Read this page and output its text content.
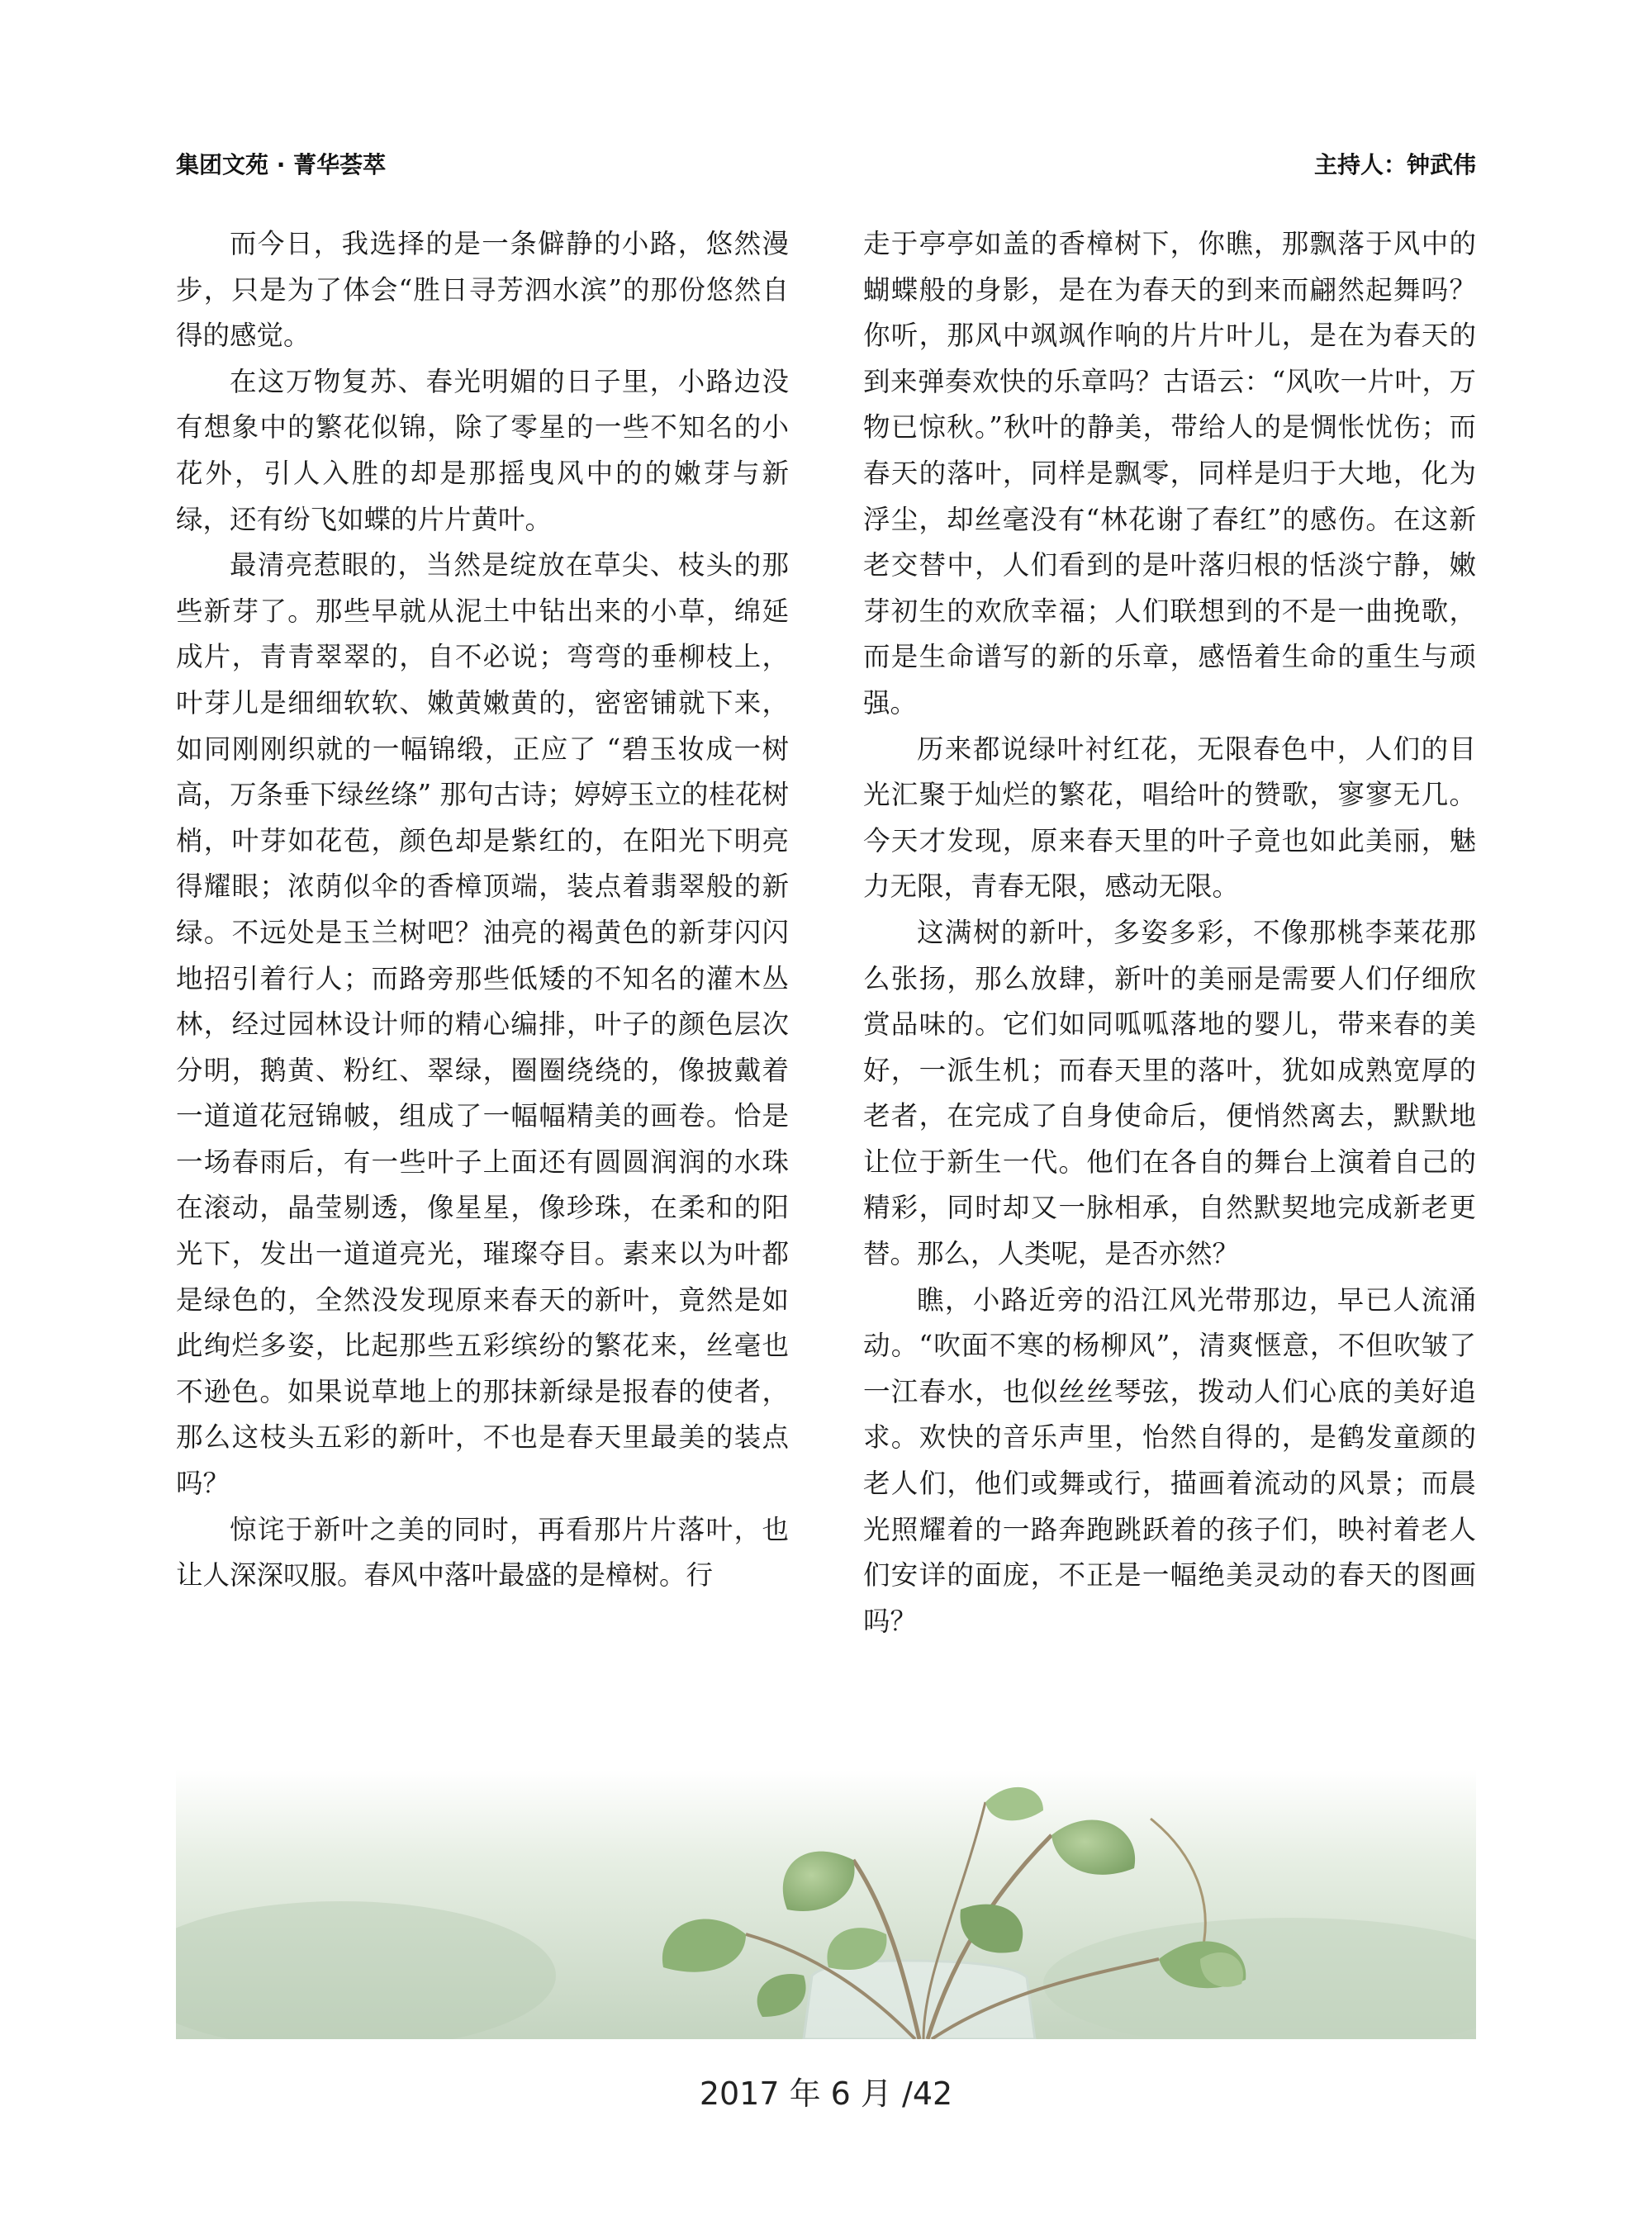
集团文苑 · 菁华荟萃	主持人：钟武伟

而今日，我选择的是一条僻静的小路，悠然漫步，只是为了体会“胜日寻芳泗水滨”的那份悠然自得的感觉。

在这万物复苏、春光明媚的日子里，小路边没有想象中的繁花似锦，除了零星的一些不知名的小花外，引人入胜的却是那摇曳风中的的嫩芽与新绿，还有纷飞如蝶的片片黄叶。

最清亮惹眼的，当然是绽放在草尖、枝头的那些新芽了。那些早就从泥土中钻出来的小草，绵延成片，青青翠翠的，自不必说；弯弯的垂柳枝上，叶芽儿是细细软软、嫩黄嫩黄的，密密铺就下来，如同刚刚织就的一幅锦缎，正应了 “碧玉妆成一树高，万条垂下绿丝绦” 那句古诗；婷婷玉立的桂花树梢，叶芽如花苞，颜色却是紫红的，在阳光下明亮得耀眼；浓荫似伞的香樟顶端，装点着翡翠般的新绿。不远处是玉兰树吧？油亮的褐黄色的新芽闪闪地招引着行人；而路旁那些低矮的不知名的灌木丛林，经过园林设计师的精心编排，叶子的颜色层次分明，鹅黄、粉红、翠绿，圈圈绕绕的，像披戴着一道道花冠锦帔，组成了一幅幅精美的画卷。恰是一场春雨后，有一些叶子上面还有圆圆润润的水珠在滚动，晶莹剔透，像星星，像珍珠，在柔和的阳光下，发出一道道亮光，璀璨夺目。素来以为叶都是绿色的，全然没发现原来春天的新叶，竟然是如此绚烂多姿，比起那些五彩缤纷的繁花来，丝毫也不逊色。如果说草地上的那抹新绿是报春的使者，那么这枝头五彩的新叶，不也是春天里最美的装点吗？

惊诧于新叶之美的同时，再看那片片落叶，也让人深深叹服。春风中落叶最盛的是樟树。行

走于亭亭如盖的香樟树下，你瞧，那飘落于风中的蝴蝶般的身影，是在为春天的到来而翩然起舞吗？你听，那风中飒飒作响的片片叶儿，是在为春天的到来弹奏欢快的乐章吗？古语云：“风吹一片叶，万物已惊秋。”秋叶的静美，带给人的是惆怅忧伤；而春天的落叶，同样是飘零，同样是归于大地，化为浮尘，却丝毫没有“林花谢了春红”的感伤。在这新老交替中，人们看到的是叶落归根的恬淡宁静，嫩芽初生的欢欣幸福；人们联想到的不是一曲挽歌，而是生命谱写的新的乐章，感悟着生命的重生与顽强。

历来都说绿叶衬红花，无限春色中，人们的目光汇聚于灿烂的繁花，唱给叶的赞歌，寥寥无几。今天才发现，原来春天里的叶子竟也如此美丽，魅力无限，青春无限，感动无限。

这满树的新叶，多姿多彩，不像那桃李莱花那么张扬，那么放肆，新叶的美丽是需要人们仔细欣赏品味的。它们如同呱呱落地的婴儿，带来春的美好，一派生机；而春天里的落叶，犹如成熟宽厚的老者，在完成了自身使命后，便悄然离去，默默地让位于新生一代。他们在各自的舞台上演着自己的精彩，同时却又一脉相承，自然默契地完成新老更替。那么，人类呢，是否亦然？

瞧，小路近旁的沿江风光带那边，早已人流涌动。“吹面不寒的杨柳风”，清爽惬意，不但吹皱了一江春水，也似丝丝琴弦，拨动人们心底的美好追求。欢快的音乐声里，怡然自得的，是鹤发童颜的老人们，他们或舞或行，描画着流动的风景；而晨光照耀着的一路奔跑跳跃着的孩子们，映衬着老人们安详的面庞，不正是一幅绝美灵动的春天的图画吗？

2017 年 6 月 /42
